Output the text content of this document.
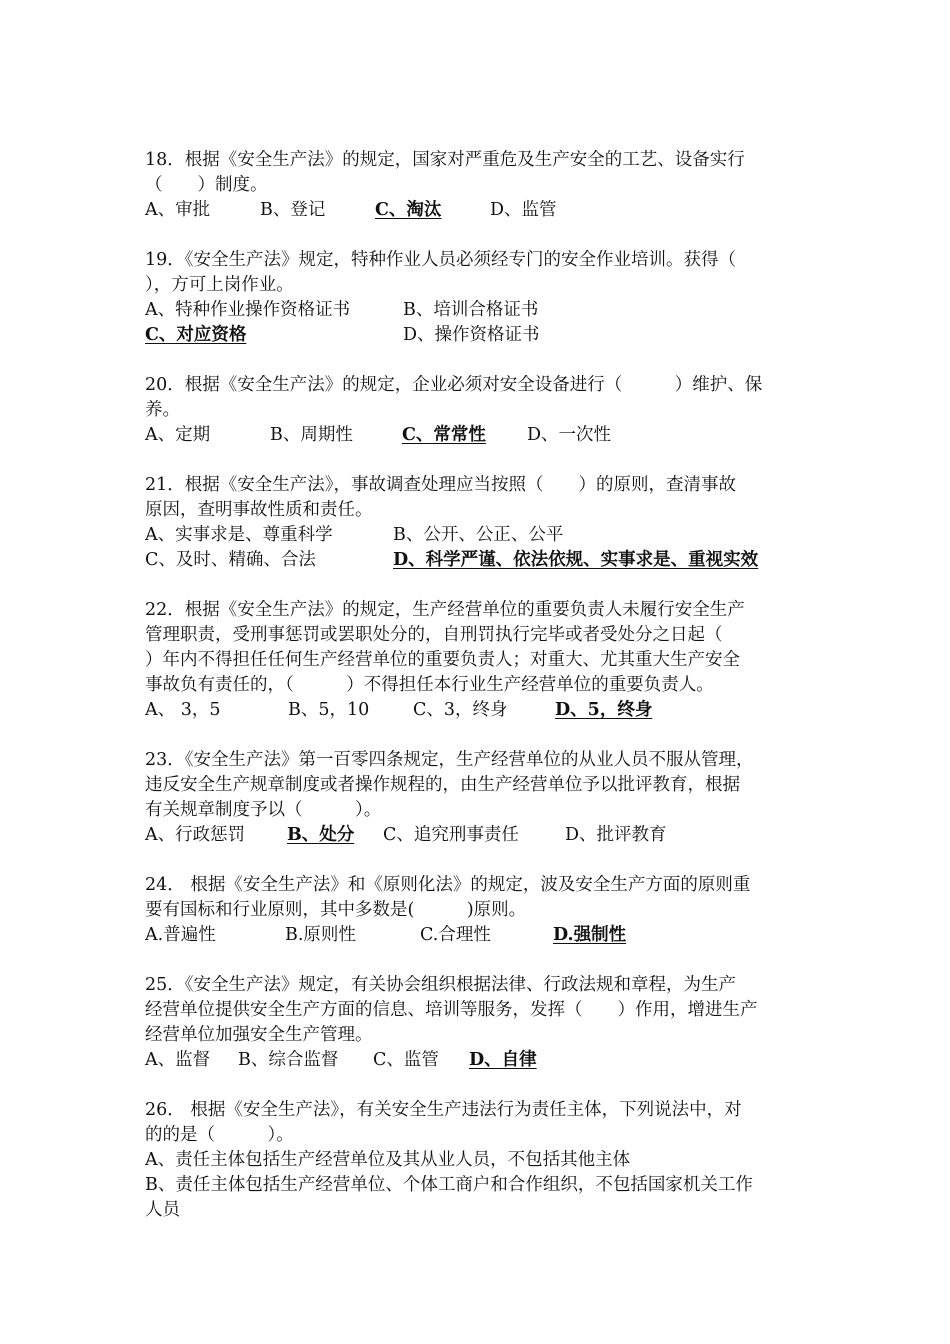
18．根据《安全生产法》的规定，国家对严重危及生产安全的工艺、设备实行
（　　）制度。
A、审批	B、登记	C、淘汰	D、监管
19．《安全生产法》规定，特种作业人员必须经专门的安全作业培训。获得（
），方可上岗作业。
A、特种作业操作资格证书	B、培训合格证书
C、对应资格	D、操作资格证书
20．根据《安全生产法》的规定，企业必须对安全设备进行（　　　）维护、保
养。
A、定期	B、周期性	C、常常性 D、一次性
21．根据《安全生产法》，事故调查处理应当按照（　　）的原则，查清事故
原因，查明事故性质和责任。
A、实事求是、尊重科学	B、公开、公正、公平
C、及时、精确、合法	D、科学严谨、依法依规、实事求是、重视实效
22．根据《安全生产法》的规定，生产经营单位的重要负责人未履行安全生产
管理职责，受刑事惩罚或罢职处分的，自刑罚执行完毕或者受处分之日起（
）年内不得担任任何生产经营单位的重要负责人；对重大、尤其重大生产安全
事故负有责任的，（　　　）不得担任本行业生产经营单位的重要负责人。
A、 3，5	B、5，10 C、3，终身	D、5，终身
23．《安全生产法》第一百零四条规定，生产经营单位的从业人员不服从管理，
违反安全生产规章制度或者操作规程的，由生产经营单位予以批评教育，根据
有关规章制度予以（　　　）。
A、行政惩罚 B、处分 C、追究刑事责任	D、批评教育
24． 根据《安全生产法》和《原则化法》的规定，波及安全生产方面的原则重
要有国标和行业原则，其中多数是(　　　)原则。
A.普遍性	B.原则性	C.合理性	D.强制性
25．《安全生产法》规定，有关协会组织根据法律、行政法规和章程，为生产
经营单位提供安全生产方面的信息、培训等服务，发挥（　　）作用，增进生产
经营单位加强安全生产管理。
A、监督 B、综合监督 C、监管 D、自律
26． 根据《安全生产法》，有关安全生产违法行为责任主体，下列说法中，对
的的是（　　　）。
A、责任主体包括生产经营单位及其从业人员，不包括其他主体
B、责任主体包括生产经营单位、个体工商户和合作组织，不包括国家机关工作
人员
